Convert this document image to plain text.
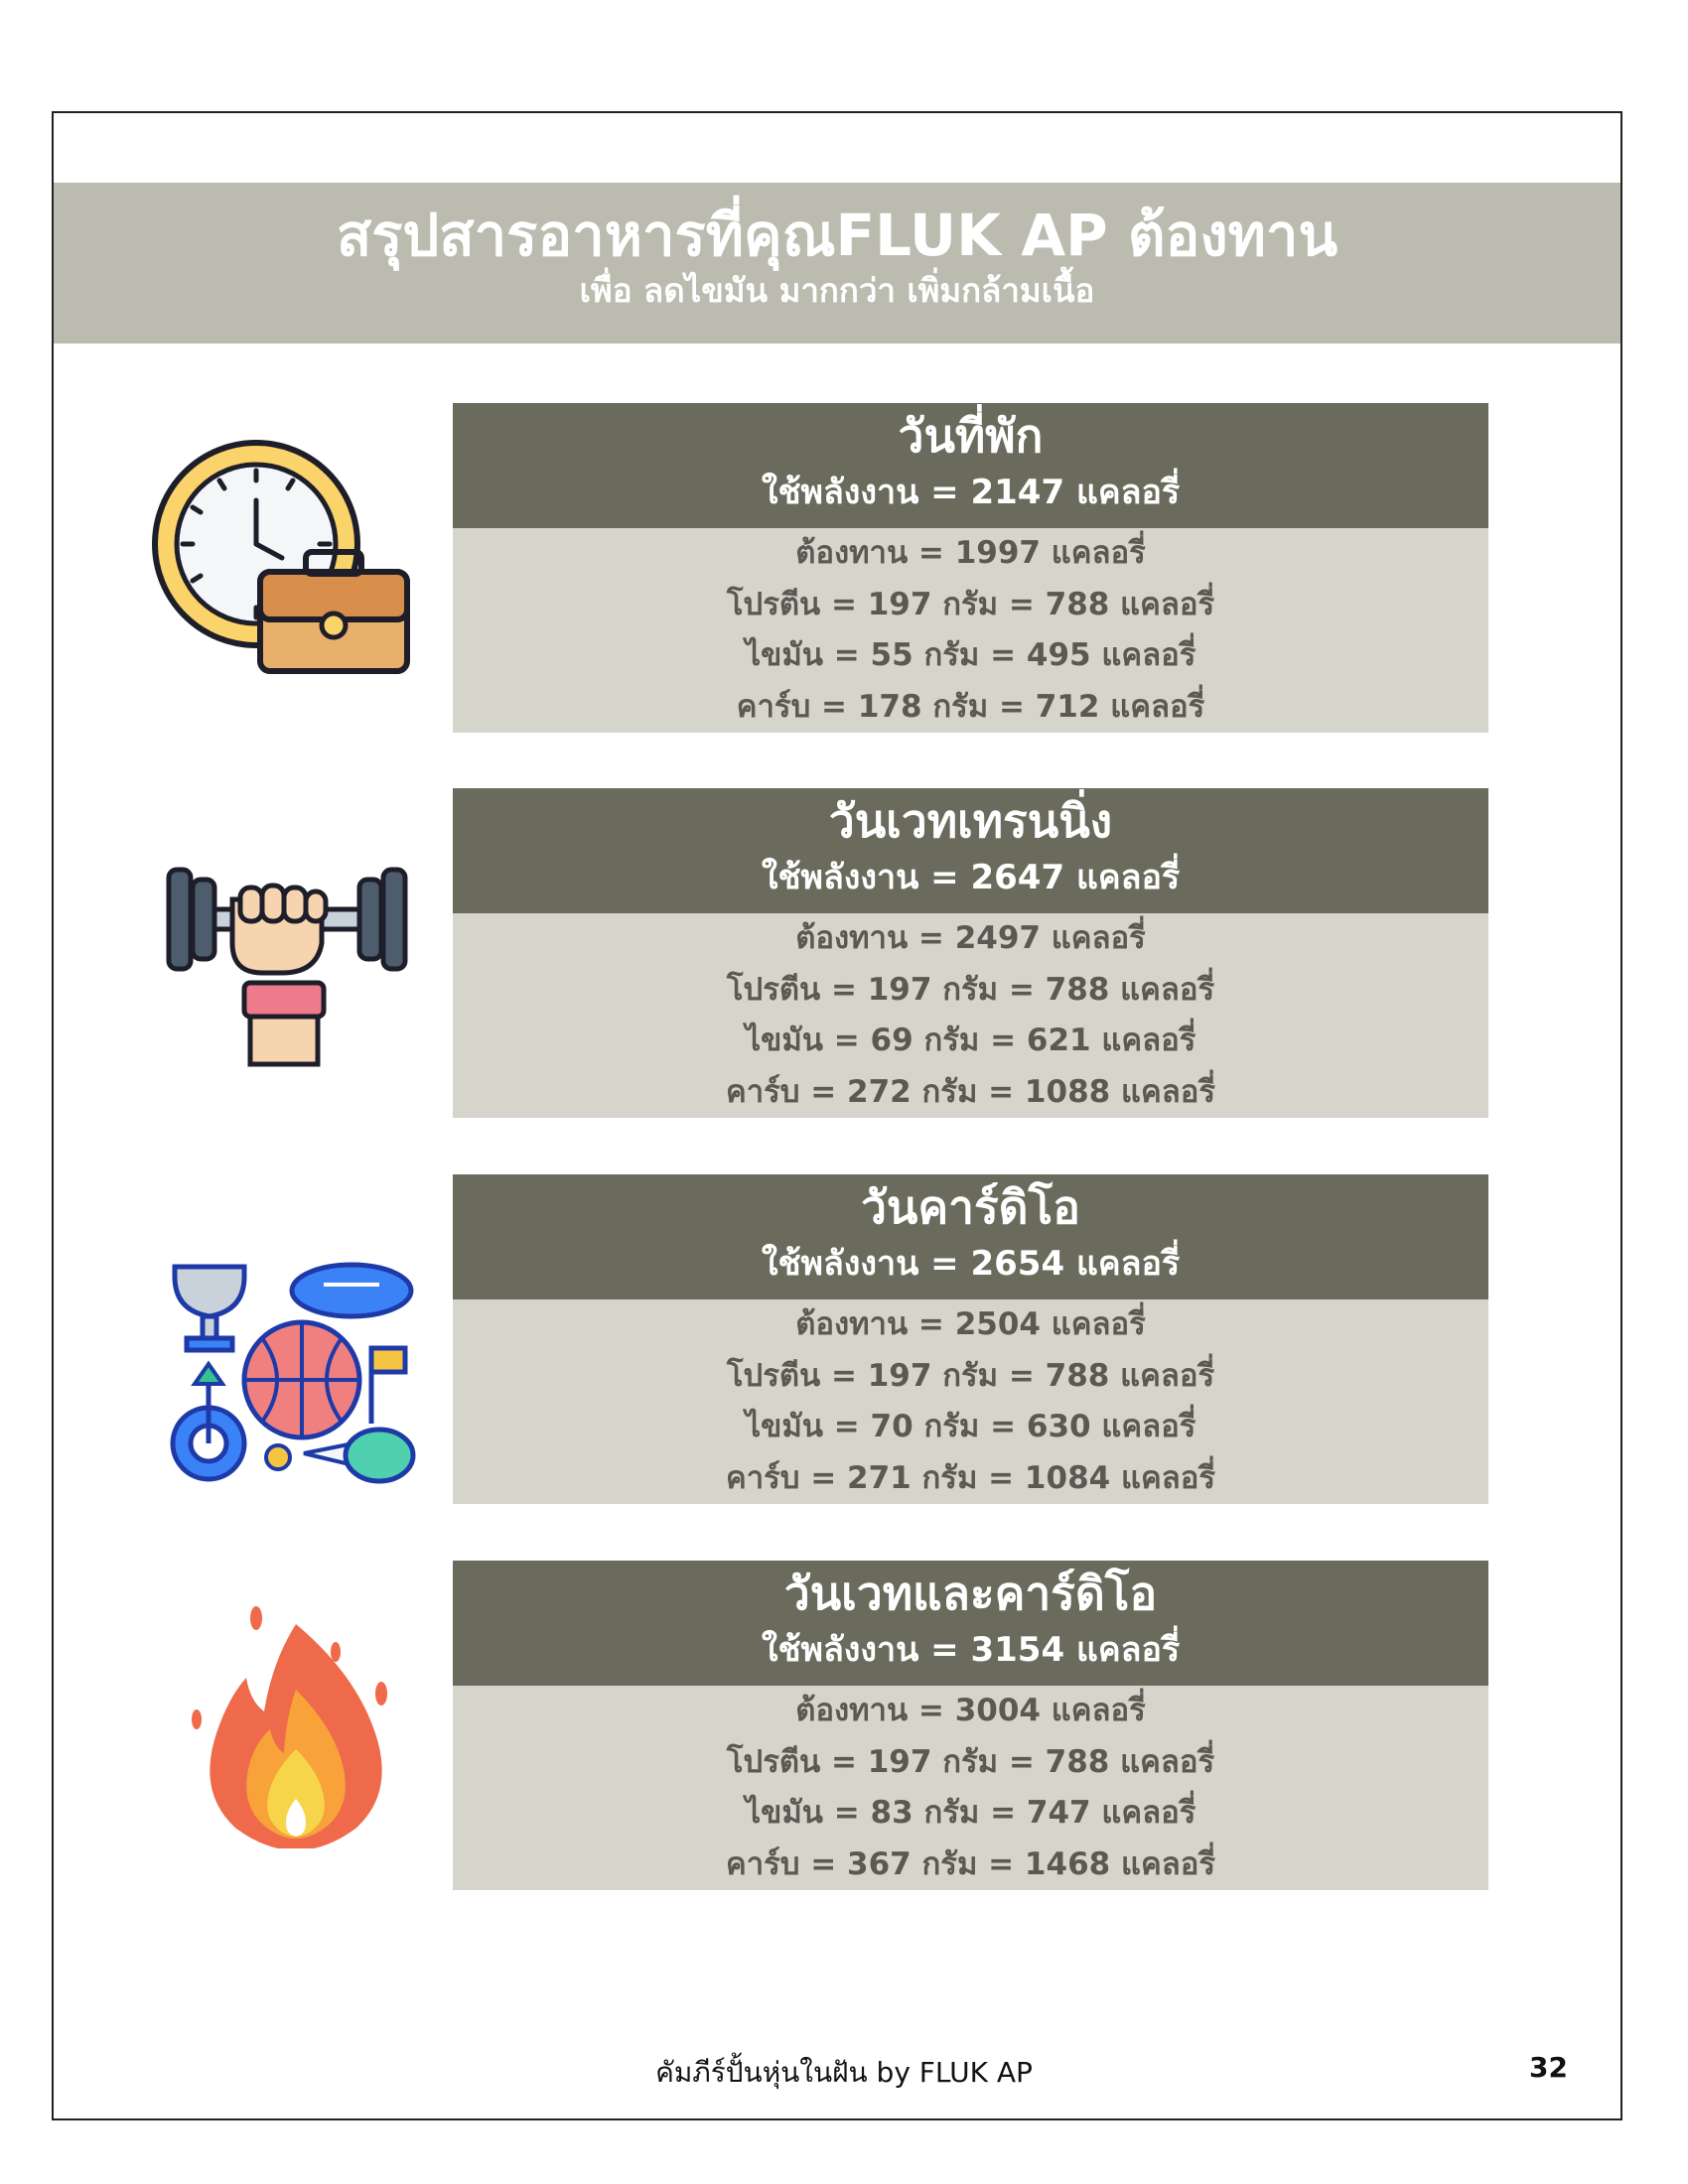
สรุปสารอาหารที่คุณFLUK AP ต้องทาน
เพื่อ ลดไขมัน มากกว่า เพิ่มกล้ามเนื้อ
วันที่พัก
ใช้พลังงาน = 2147 แคลอรี่
ต้องทาน = 1997 แคลอรี่
โปรตีน = 197 กรัม = 788 แคลอรี่
ไขมัน = 55 กรัม = 495 แคลอรี่
คาร์บ = 178 กรัม = 712 แคลอรี่
วันเวทเทรนนิ่ง
ใช้พลังงาน = 2647 แคลอรี่
ต้องทาน = 2497 แคลอรี่
โปรตีน = 197 กรัม = 788 แคลอรี่
ไขมัน = 69 กรัม = 621 แคลอรี่
คาร์บ = 272 กรัม = 1088 แคลอรี่
วันคาร์ดิโอ
ใช้พลังงาน = 2654 แคลอรี่
ต้องทาน = 2504 แคลอรี่
โปรตีน = 197 กรัม = 788 แคลอรี่
ไขมัน = 70 กรัม = 630 แคลอรี่
คาร์บ = 271 กรัม = 1084 แคลอรี่
วันเวทและคาร์ดิโอ
ใช้พลังงาน = 3154 แคลอรี่
ต้องทาน = 3004 แคลอรี่
โปรตีน = 197 กรัม = 788 แคลอรี่
ไขมัน = 83 กรัม = 747 แคลอรี่
คาร์บ = 367 กรัม = 1468 แคลอรี่
คัมภีร์ปั้นหุ่นในฝัน by FLUK AP	32
